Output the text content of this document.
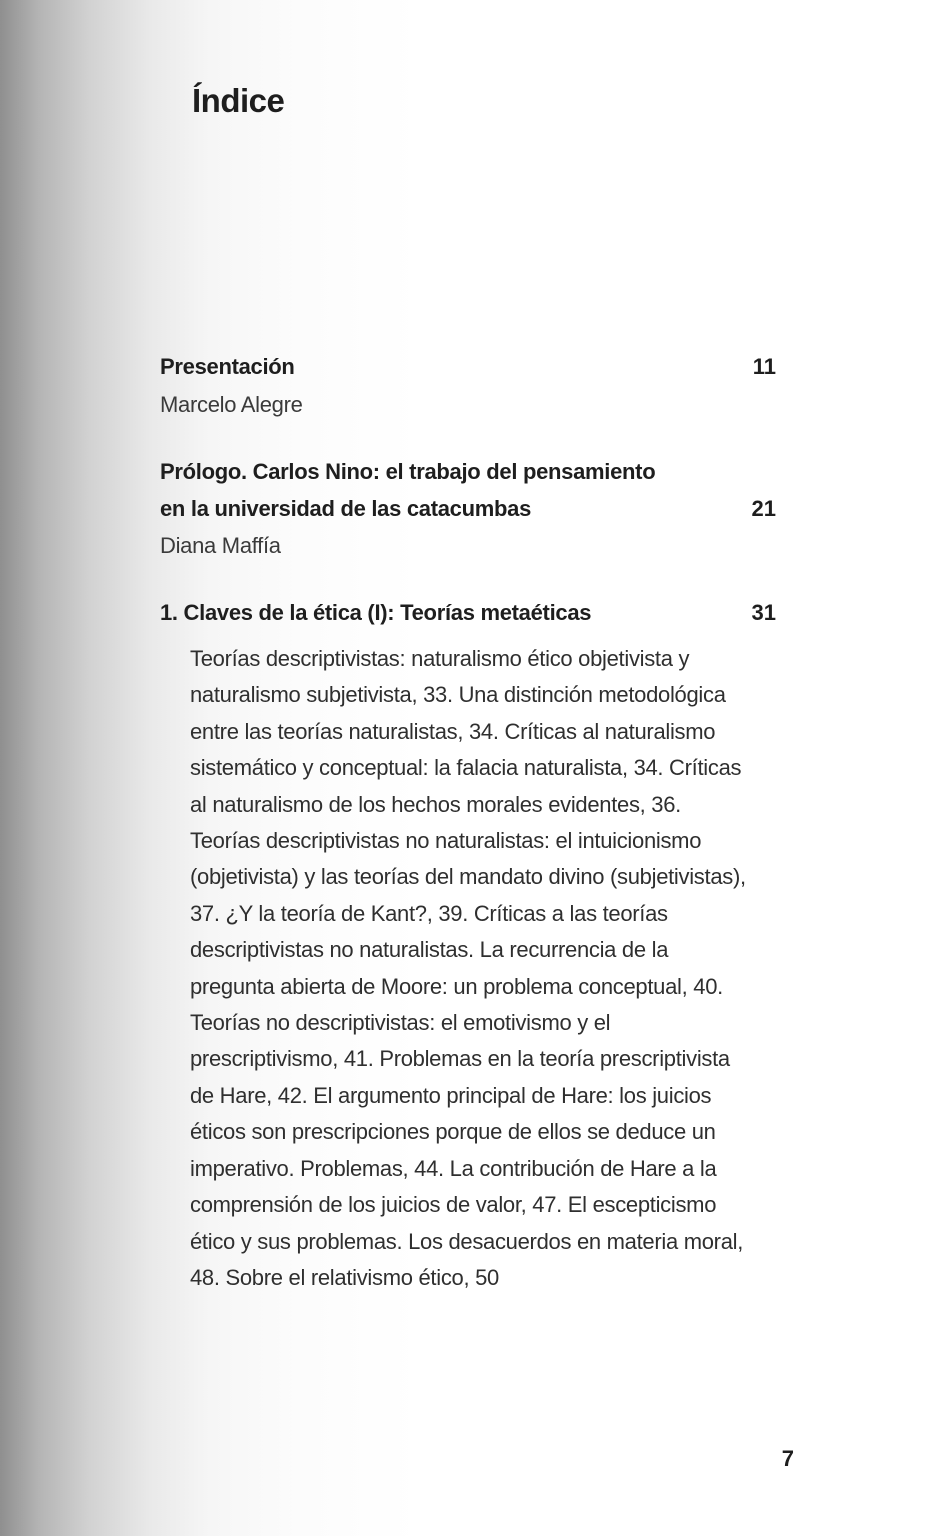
Índice
Presentación
Marcelo Alegre
11
Prólogo. Carlos Nino: el trabajo del pensamiento
en la universidad de las catacumbas
Diana Maffía
21
1. Claves de la ética (I): Teorías metaéticas	31

Teorías descriptivistas: naturalismo ético objetivista y naturalismo subjetivista, 33. Una distinción metodológica entre las teorías naturalistas, 34. Críticas al naturalismo sistemático y conceptual: la falacia naturalista, 34. Críticas al naturalismo de los hechos morales evidentes, 36. Teorías descriptivistas no naturalistas: el intuicionismo (objetivista) y las teorías del mandato divino (subjetivistas), 37. ¿Y la teoría de Kant?, 39. Críticas a las teorías descriptivistas no naturalistas. La recurrencia de la pregunta abierta de Moore: un problema conceptual, 40. Teorías no descriptivistas: el emotivismo y el prescriptivismo, 41. Problemas en la teoría prescriptivista de Hare, 42. El argumento principal de Hare: los juicios éticos son prescripciones porque de ellos se deduce un imperativo. Problemas, 44. La contribución de Hare a la comprensión de los juicios de valor, 47. El escepticismo ético y sus problemas. Los desacuerdos en materia moral, 48. Sobre el relativismo ético, 50

7
